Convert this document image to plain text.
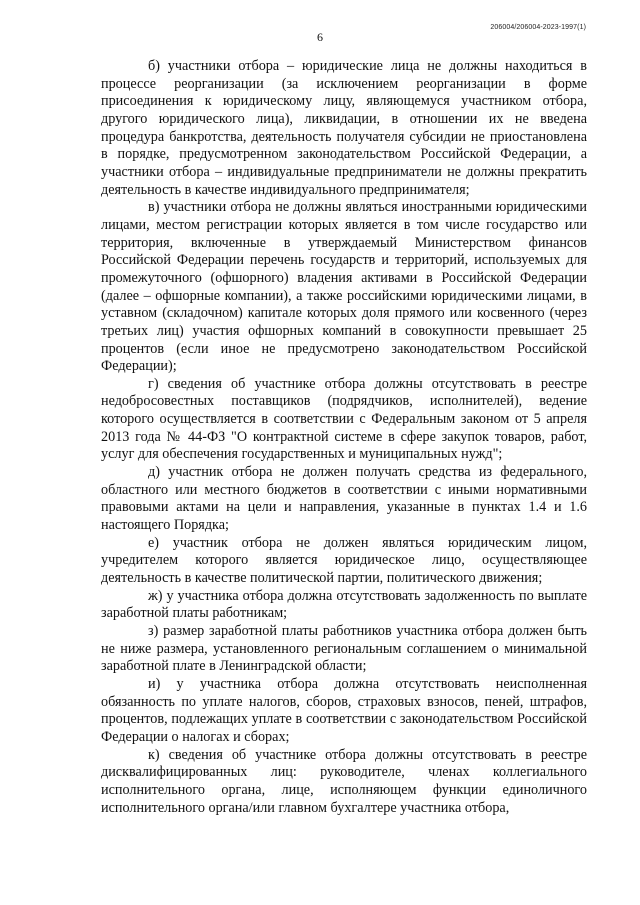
6
206004/206004-2023-1997(1)

б) участники отбора – юридические лица не должны находиться в процессе реорганизации (за исключением реорганизации в форме присоединения к юридическому лицу, являющемуся участником отбора, другого юридического лица), ликвидации, в отношении их не введена процедура банкротства, деятельность получателя субсидии не приостановлена в порядке, предусмотренном законодательством Российской Федерации, а участники отбора – индивидуальные предприниматели не должны прекратить деятельность в качестве индивидуального предпринимателя;

в) участники отбора не должны являться иностранными юридическими лицами, местом регистрации которых является в том числе государство или территория, включенные в утверждаемый Министерством финансов Российской Федерации перечень государств и территорий, используемых для промежуточного (офшорного) владения активами в Российской Федерации (далее – офшорные компании), а также российскими юридическими лицами, в уставном (складочном) капитале которых доля прямого или косвенного (через третьих лиц) участия офшорных компаний в совокупности превышает 25 процентов (если иное не предусмотрено законодательством Российской Федерации);

г) сведения об участнике отбора должны отсутствовать в реестре недобросовестных поставщиков (подрядчиков, исполнителей), ведение которого осуществляется в соответствии с Федеральным законом от 5 апреля 2013 года № 44-ФЗ "О контрактной системе в сфере закупок товаров, работ, услуг для обеспечения государственных и муниципальных нужд";

д) участник отбора не должен получать средства из федерального, областного или местного бюджетов в соответствии с иными нормативными правовыми актами на цели и направления, указанные в пунктах 1.4 и 1.6 настоящего Порядка;

е) участник отбора не должен являться юридическим лицом, учредителем которого является юридическое лицо, осуществляющее деятельность в качестве политической партии, политического движения;

ж) у участника отбора должна отсутствовать задолженность по выплате заработной платы работникам;

з) размер заработной платы работников участника отбора должен быть не ниже размера, установленного региональным соглашением о минимальной заработной плате в Ленинградской области;

и) у участника отбора должна отсутствовать неисполненная обязанность по уплате налогов, сборов, страховых взносов, пеней, штрафов, процентов, подлежащих уплате в соответствии с законодательством Российской Федерации о налогах и сборах;

к) сведения об участнике отбора должны отсутствовать в реестре дисквалифицированных лиц: руководителе, членах коллегиального исполнительного органа, лице, исполняющем функции единоличного исполнительного органа/или главном бухгалтере участника отбора,
